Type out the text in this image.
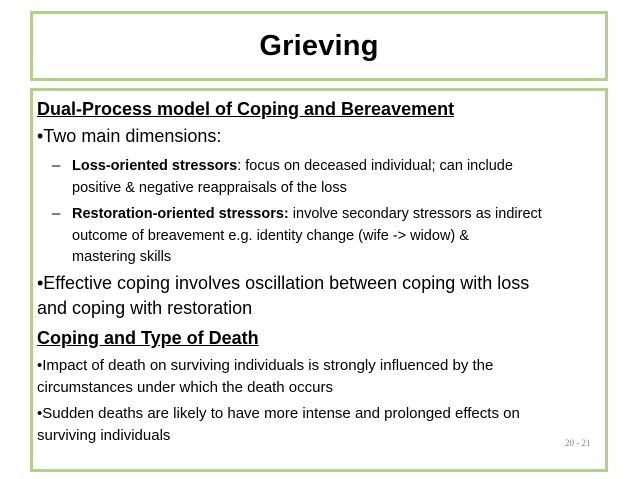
Grieving
Dual-Process model of Coping and Bereavement
•Two main dimensions:
– Loss-oriented stressors: focus on deceased individual; can include
positive & negative reappraisals of the loss
– Restoration-oriented stressors: involve secondary stressors as indirect
outcome of breavement e.g. identity change (wife -> widow) &
mastering skills
•Effective coping involves oscillation between coping with loss
and coping with restoration
Coping and Type of Death
•Impact of death on surviving individuals is strongly influenced by the
circumstances under which the death occurs
•Sudden deaths are likely to have more intense and prolonged effects on
surviving individuals	20 - 21
